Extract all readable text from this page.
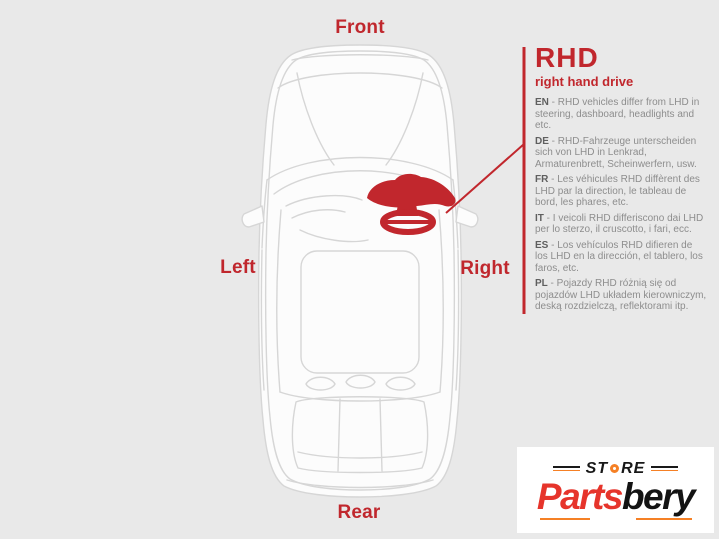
Front
Left	Right
Rear
RHD
right hand drive

EN - RHD vehicles differ from LHD in steering, dashboard, headlights and etc.

DE - RHD-Fahrzeuge unterscheiden sich von LHD in Lenkrad, Armaturenbrett, Scheinwerfern, usw.

FR - Les véhicules RHD diffèrent des LHD par la direction, le tableau de bord, les phares, etc.

IT - I veicoli RHD differiscono dai LHD per lo sterzo, il cruscotto, i fari, ecc.

ES - Los vehículos RHD difieren de los LHD en la dirección, el tablero, los faros, etc.

PL - Pojazdy RHD różnią się od pojazdów LHD układem kierowniczym, deską rozdzielczą, reflektorami itp.

ST RE
Partsbery
